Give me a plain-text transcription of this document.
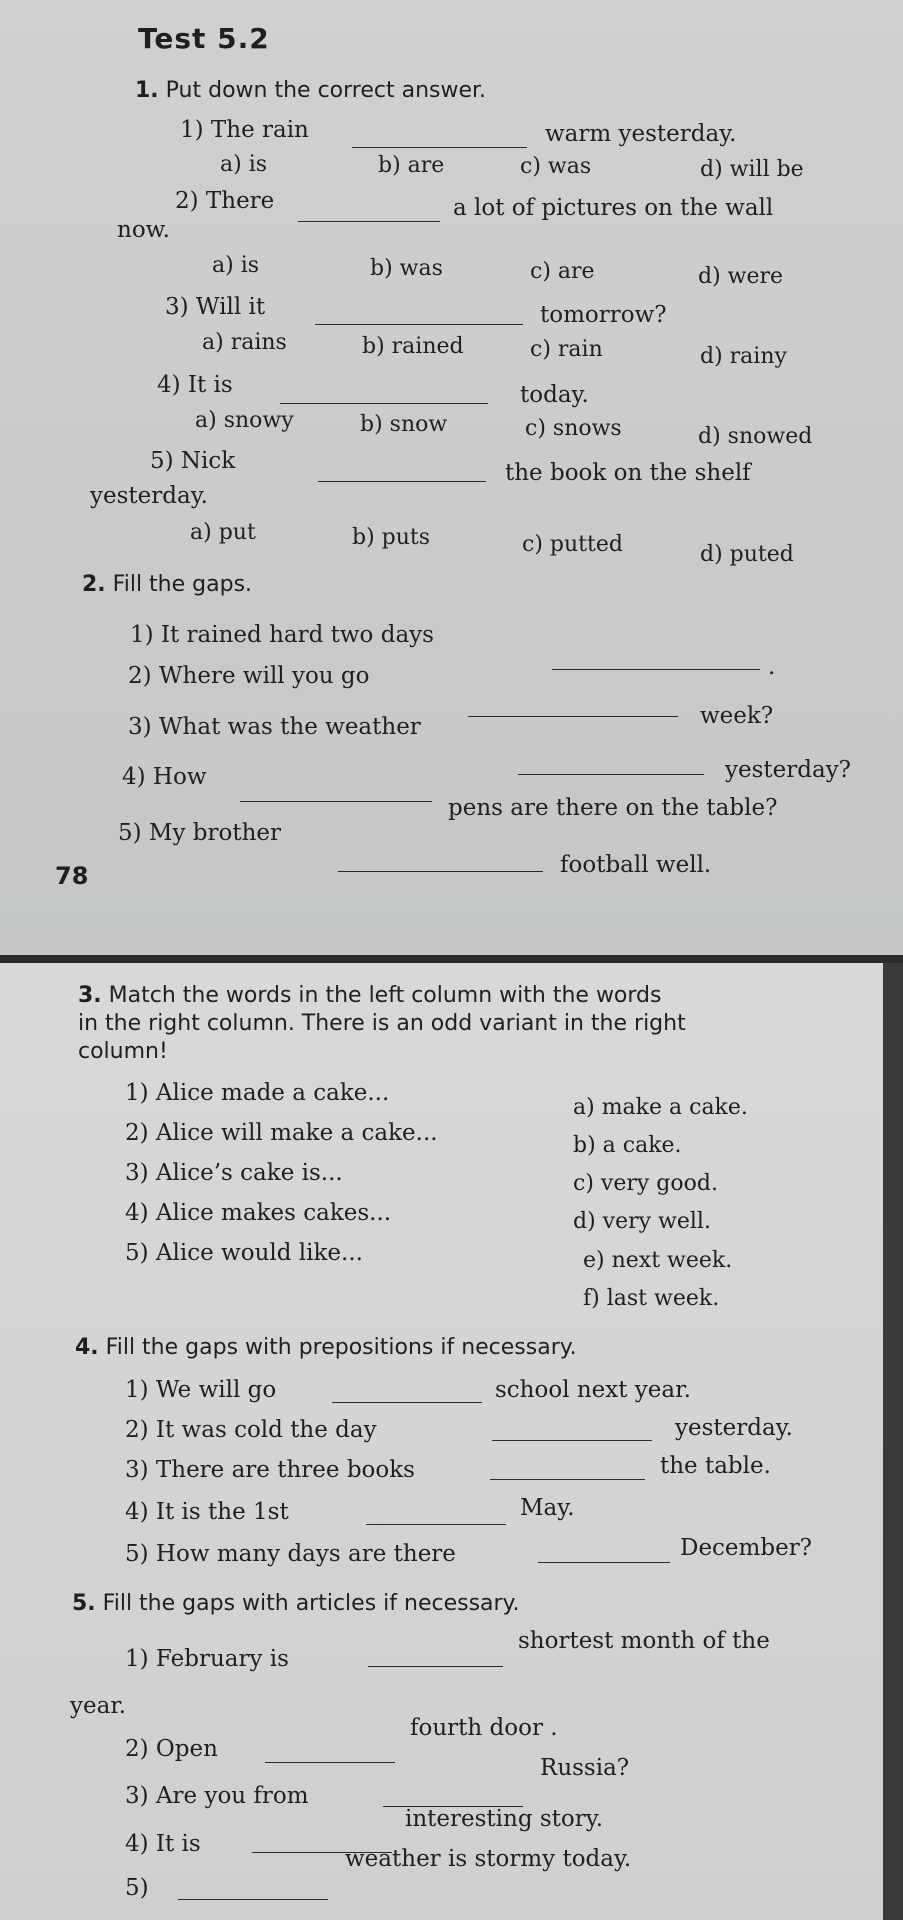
Test 5.2
1. Put down the correct answer.
1) The rain	warm yesterday.
a) is	b) are	c) was	d) will be
2) There	a lot of pictures on the wall
now.
a) is	b) was	c) are	d) were
3) Will it	tomorrow?
a) rains	b) rained	c) rain	d) rainy
4) It is	today.
a) snowy	b) snow	c) snows	d) snowed
5) Nick	the book on the shelf
yesterday.
a) put	b) puts	c) putted	d) puted
2. Fill the gaps.
1) It rained hard two days
.
2) Where will you go
week?
3) What was the weather
yesterday?
4) How
pens are there on the table?
5) My brother
football well.
78
3. Match the words in the left column with the words
in the right column. There is an odd variant in the right
column!
1) Alice made a cake...
2) Alice will make a cake...
3) Alice’s cake is...
4) Alice makes cakes...
5) Alice would like...
a) make a cake.
b) a cake.
c) very good.
d) very well.
e) next week.
f) last week.
4. Fill the gaps with prepositions if necessary.
1) We will go	school next year.
2) It was cold the day	yesterday.
3) There are three books	the table.
4) It is the 1st	May.
5) How many days are there	December?
5. Fill the gaps with articles if necessary.
1) February is
shortest month of the
year.
2) Open
fourth door .
3) Are you from
Russia?
4) It is
interesting story.
5)
weather is stormy today.
